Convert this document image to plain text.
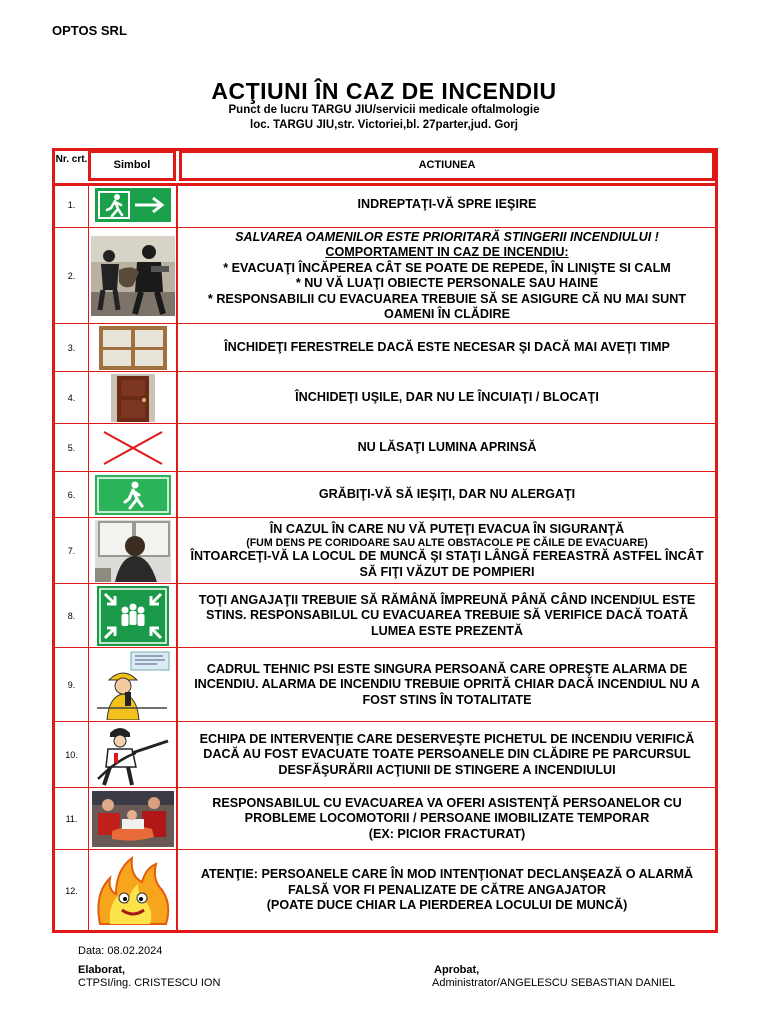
OPTOS SRL
ACŢIUNI ÎN CAZ DE INCENDIU
Punct de lucru TARGU JIU/servicii medicale oftalmologie
loc. TARGU JIU,str. Victoriei,bl. 27parter,jud. Gorj
Nr. crt.	Simbol	ACTIUNEA
1.	INDREPTAŢI-VĂ SPRE IEŞIRE
2.
SALVAREA OAMENILOR ESTE PRIORITARĂ STINGERII INCENDIULUI !
COMPORTAMENT IN CAZ DE INCENDIU:
* EVACUAŢI ÎNCĂPEREA CÂT SE POATE DE REPEDE, ÎN LINIŞTE SI CALM
* NU VĂ LUAŢI OBIECTE PERSONALE SAU HAINE
* RESPONSABILII CU EVACUAREA TREBUIE SĂ SE ASIGURE CĂ NU MAI SUNT OAMENI ÎN CLĂDIRE
3.	ÎNCHIDEŢI FERESTRELE DACĂ ESTE NECESAR ŞI DACĂ MAI AVEŢI TIMP
4.	ÎNCHIDEŢI UŞILE, DAR NU LE ÎNCUIAŢI / BLOCAŢI
5.	NU LĂSAŢI LUMINA APRINSĂ
6.	GRĂBIŢI-VĂ SĂ IEŞIŢI, DAR NU ALERGAŢI
7.
ÎN CAZUL ÎN CARE NU VĂ PUTEŢI EVACUA ÎN SIGURANŢĂ
(FUM DENS PE CORIDOARE SAU ALTE OBSTACOLE PE CĂILE DE EVACUARE)
ÎNTOARCEŢI-VĂ LA LOCUL DE MUNCĂ ŞI STAŢI LÂNGĂ FEREASTRĂ ASTFEL ÎNCÂT SĂ FIŢI VĂZUT DE POMPIERI
8.
TOŢI ANGAJAŢII TREBUIE SĂ RĂMÂNĂ ÎMPREUNĂ PÂNĂ CÂND INCENDIUL ESTE STINS. RESPONSABILUL CU EVACUAREA TREBUIE SĂ VERIFICE DACĂ TOATĂ LUMEA ESTE PREZENTĂ
9.
CADRUL TEHNIC PSI ESTE SINGURA PERSOANĂ CARE OPREŞTE ALARMA DE INCENDIU. ALARMA DE INCENDIU TREBUIE OPRITĂ CHIAR DACĂ INCENDIUL NU A FOST STINS ÎN TOTALITATE
10.
ECHIPA DE INTERVENŢIE CARE DESERVEŞTE PICHETUL DE INCENDIU VERIFICĂ DACĂ AU FOST EVACUATE TOATE PERSOANELE DIN CLĂDIRE PE PARCURSUL DESFĂŞURĂRII ACŢIUNII DE STINGERE A INCENDIULUI
11.
RESPONSABILUL CU EVACUAREA VA OFERI ASISTENŢĂ PERSOANELOR CU PROBLEME LOCOMOTORII / PERSOANE IMOBILIZATE TEMPORAR
(EX: PICIOR FRACTURAT)
12.
ATENŢIE: PERSOANELE CARE ÎN MOD INTENŢIONAT DECLANŞEAZĂ O ALARMĂ FALSĂ VOR FI PENALIZATE DE CĂTRE ANGAJATOR
(POATE DUCE CHIAR LA PIERDEREA LOCULUI DE MUNCĂ)
Data: 08.02.2024
Elaborat,
CTPSI/ing. CRISTESCU ION
Aprobat,
Administrator/ANGELESCU SEBASTIAN DANIEL
